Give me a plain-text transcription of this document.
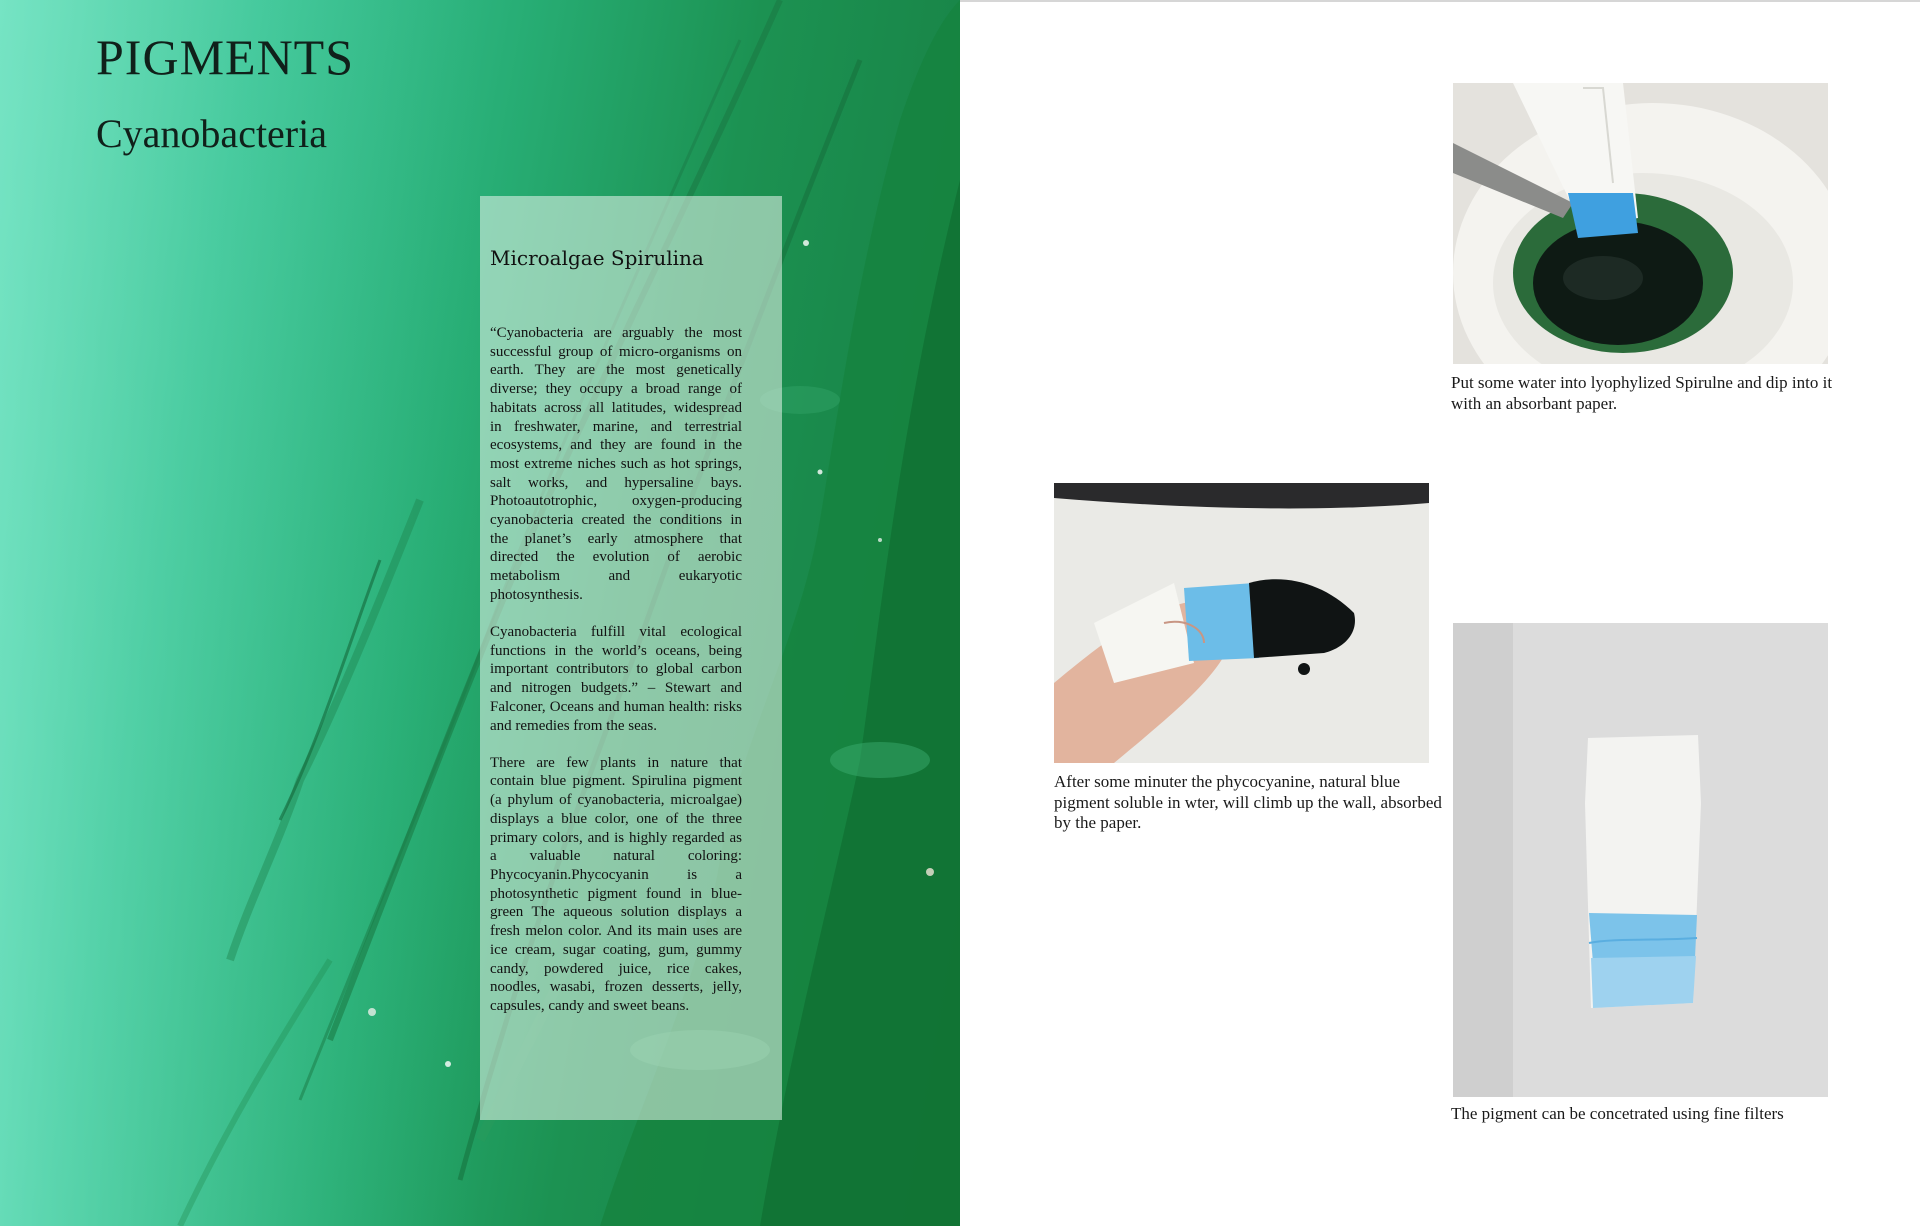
PIGMENTS
Cyanobacteria
Microalgae Spirulina

“Cyanobacteria are arguably the most successful group of micro-organisms on earth. They are the most genetically diverse; they occupy a broad range of habitats across all latitudes, widespread in freshwater, marine, and terrestrial ecosystems, and they are found in the most extreme niches such as hot springs, salt works, and hypersaline bays. Photoautotrophic, oxygen-producing cyanobacteria created the conditions in the planet’s early atmosphere that directed the evolution of aerobic metabolism and eukaryotic photosynthesis.

Cyanobacteria fulfill vital ecological functions in the world’s oceans, being important contributors to global carbon and nitrogen budgets.” – Stewart and Falconer, Oceans and human health: risks and remedies from the seas.

There are few plants in nature that contain blue pigment. Spirulina pigment (a phylum of cyanobacteria, microalgae) displays a blue color, one of the three primary colors, and is highly regarded as a valuable natural coloring: Phycocyanin.Phycocyanin is a photosynthetic pigment found in blue-green The aqueous solution displays a fresh melon color. And its main uses are ice cream, sugar coating, gum, gummy candy, powdered juice, rice cakes, noodles, wasabi, frozen desserts, jelly, capsules, candy and sweet beans.

Put some water into lyophylized Spirulne and dip into it with an absorbant paper.

After some minuter the phycocyanine, natural blue pigment soluble in wter, will climb up the wall, absorbed by the paper.

The pigment can be concetrated using fine filters
